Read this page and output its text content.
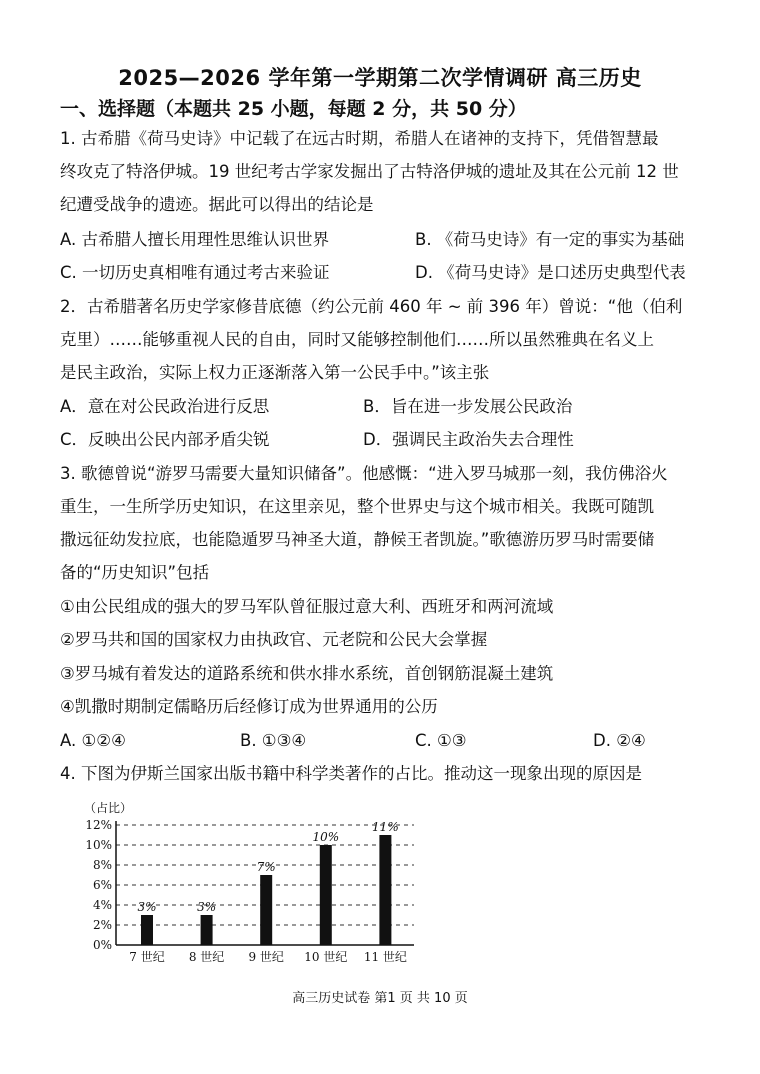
2025—2026 学年第一学期第二次学情调研 高三历史
一、选择题（本题共 25 小题，每题 2 分，共 50 分）
1. 古希腊《荷马史诗》中记载了在远古时期，希腊人在诸神的支持下，凭借智慧最
终攻克了特洛伊城。19 世纪考古学家发掘出了古特洛伊城的遗址及其在公元前 12 世
纪遭受战争的遗迹。据此可以得出的结论是
A. 古希腊人擅长用理性思维认识世界	B. 《荷马史诗》有一定的事实为基础
C. 一切历史真相唯有通过考古来验证	D. 《荷马史诗》是口述历史典型代表
2．古希腊著名历史学家修昔底德（约公元前 460 年 ~ 前 396 年）曾说：“他（伯利
克里）……能够重视人民的自由，同时又能够控制他们……所以虽然雅典在名义上
是民主政治，实际上权力正逐渐落入第一公民手中。”该主张
A．意在对公民政治进行反思	B．旨在进一步发展公民政治
C．反映出公民内部矛盾尖锐	D．强调民主政治失去合理性
3. 歌德曾说“游罗马需要大量知识储备”。他感慨：“进入罗马城那一刻，我仿佛浴火
重生，一生所学历史知识，在这里亲见，整个世界史与这个城市相关。我既可随凯
撒远征幼发拉底，也能隐遁罗马神圣大道，静候王者凯旋。”歌德游历罗马时需要储
备的“历史知识”包括
①由公民组成的强大的罗马军队曾征服过意大利、西班牙和两河流域
②罗马共和国的国家权力由执政官、元老院和公民大会掌握
③罗马城有着发达的道路系统和供水排水系统，首创钢筋混凝土建筑
④凯撒时期制定儒略历后经修订成为世界通用的公历
A. ①②④	B. ①③④	C. ①③	D. ②④
4. 下图为伊斯兰国家出版书籍中科学类著作的占比。推动这一现象出现的原因是
（占比）
0%
2%
4%
6%
8%
10%
12%
3%
7 世纪
3%
8 世纪
7%
9 世纪
10%
10 世纪
11%
11 世纪
高三历史试卷 第1 页 共 10 页
